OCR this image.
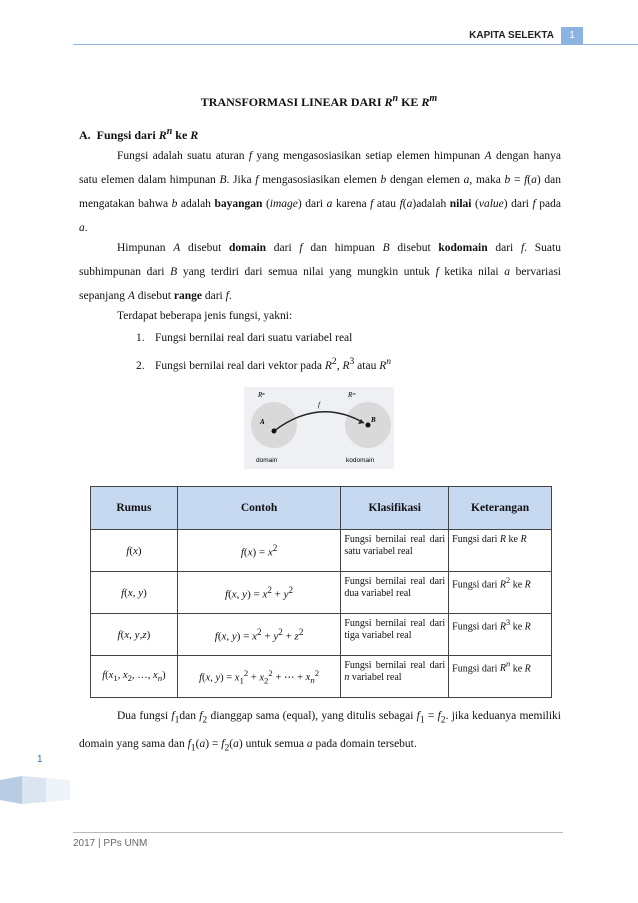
KAPITA SELEKTA	1
TRANSFORMASI LINEAR DARI $R^n$ KE $R^m$
A.  Fungsi dari $R^n$ ke R
Fungsi adalah suatu aturan f yang mengasosiasikan setiap elemen himpunan A dengan hanya satu elemen dalam himpunan B. Jika f mengasosiasikan elemen b dengan elemen a, maka b = f(a) dan mengatakan bahwa b adalah bayangan (image) dari a karena f atau f(a)adalah nilai (value) dari f pada a.
Himpunan A disebut domain dari f dan himpuan B disebut kodomain dari f. Suatu subhimpunan dari B yang terdiri dari semua nilai yang mungkin untuk f ketika nilai a bervariasi sepanjang A disebut range dari f.
Terdapat beberapa jenis fungsi, yakni:
1. Fungsi bernilai real dari suatu variabel real
2. Fungsi bernilai real dari vektor pada $R^2$, $R^3$ atau $R^n$
Rⁿ	Rᵐ
f
A	B
domain	kodomain
Rumus	Contoh	Klasifikasi	Keterangan
f(x)	$f(x) = x^2$	Fungsi bernilai real dari satu variabel real	Fungsi dari R ke R
f(x, y)	f(x, $y) = x^2 + y^2$	Fungsi bernilai real dari dua variabel real	Fungsi dari $R^2$ ke R
f(x, y,z)	f(x, $y) = x^2 + y^2 + z^2$	Fungsi bernilai real dari tiga variabel real	Fungsi dari $R^3$ ke R
$f(x_1$, $x_2$, …, $x_n$)	f(x, $y) = x_1^2 + x_2^2$ + ⋯ + $x_n^2$	Fungsi bernilai real dari n variabel real	Fungsi dari $R^n$ ke R
Dua fungsi $f_1dan$ $f_2$ dianggap sama (equal), yang ditulis sebagai $f_1 = f_2$. jika keduanya memiliki domain yang sama dan $f_1(a) = f_2(a)$ untuk semua a pada domain tersebut.
1
2017 | PPs UNM
